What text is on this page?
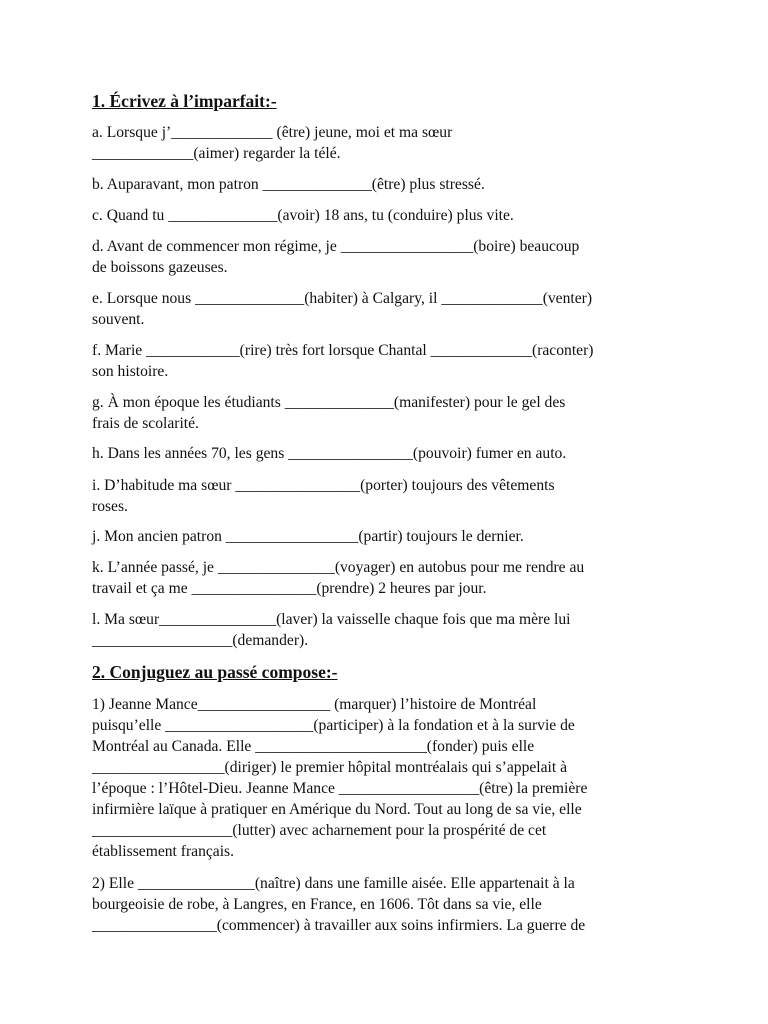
1. Écrivez à l’imparfait:-
a. Lorsque j’_____________ (être) jeune, moi et ma sœur
_____________(aimer) regarder la télé.
b. Auparavant, mon patron ______________(être) plus stressé.
c. Quand tu ______________(avoir) 18 ans, tu (conduire) plus vite.
d. Avant de commencer mon régime, je _________________(boire) beaucoup
de boissons gazeuses.
e. Lorsque nous ______________(habiter) à Calgary, il _____________(venter)
souvent.
f. Marie ____________(rire) très fort lorsque Chantal _____________(raconter)
son histoire.
g. À mon époque les étudiants ______________(manifester) pour le gel des
frais de scolarité.
h. Dans les années 70, les gens ________________(pouvoir) fumer en auto.
i. D’habitude ma sœur ________________(porter) toujours des vêtements
roses.
j. Mon ancien patron _________________(partir) toujours le dernier.
k. L’année passé, je _______________(voyager) en autobus pour me rendre au
travail et ça me ________________(prendre) 2 heures par jour.
l. Ma sœur_______________(laver) la vaisselle chaque fois que ma mère lui
__________________(demander).
2. Conjuguez au passé compose:-
1) Jeanne Mance_________________ (marquer) l’histoire de Montréal
puisqu’elle ___________________(participer) à la fondation et à la survie de
Montréal au Canada. Elle ______________________(fonder) puis elle
_________________(diriger) le premier hôpital montréalais qui s’appelait à
l’époque : l’Hôtel-Dieu. Jeanne Mance __________________(être) la première
infirmière laïque à pratiquer en Amérique du Nord. Tout au long de sa vie, elle
__________________(lutter) avec acharnement pour la prospérité de cet
établissement français.
2) Elle _______________(naître) dans une famille aisée. Elle appartenait à la
bourgeoisie de robe, à Langres, en France, en 1606. Tôt dans sa vie, elle
________________(commencer) à travailler aux soins infirmiers. La guerre de
